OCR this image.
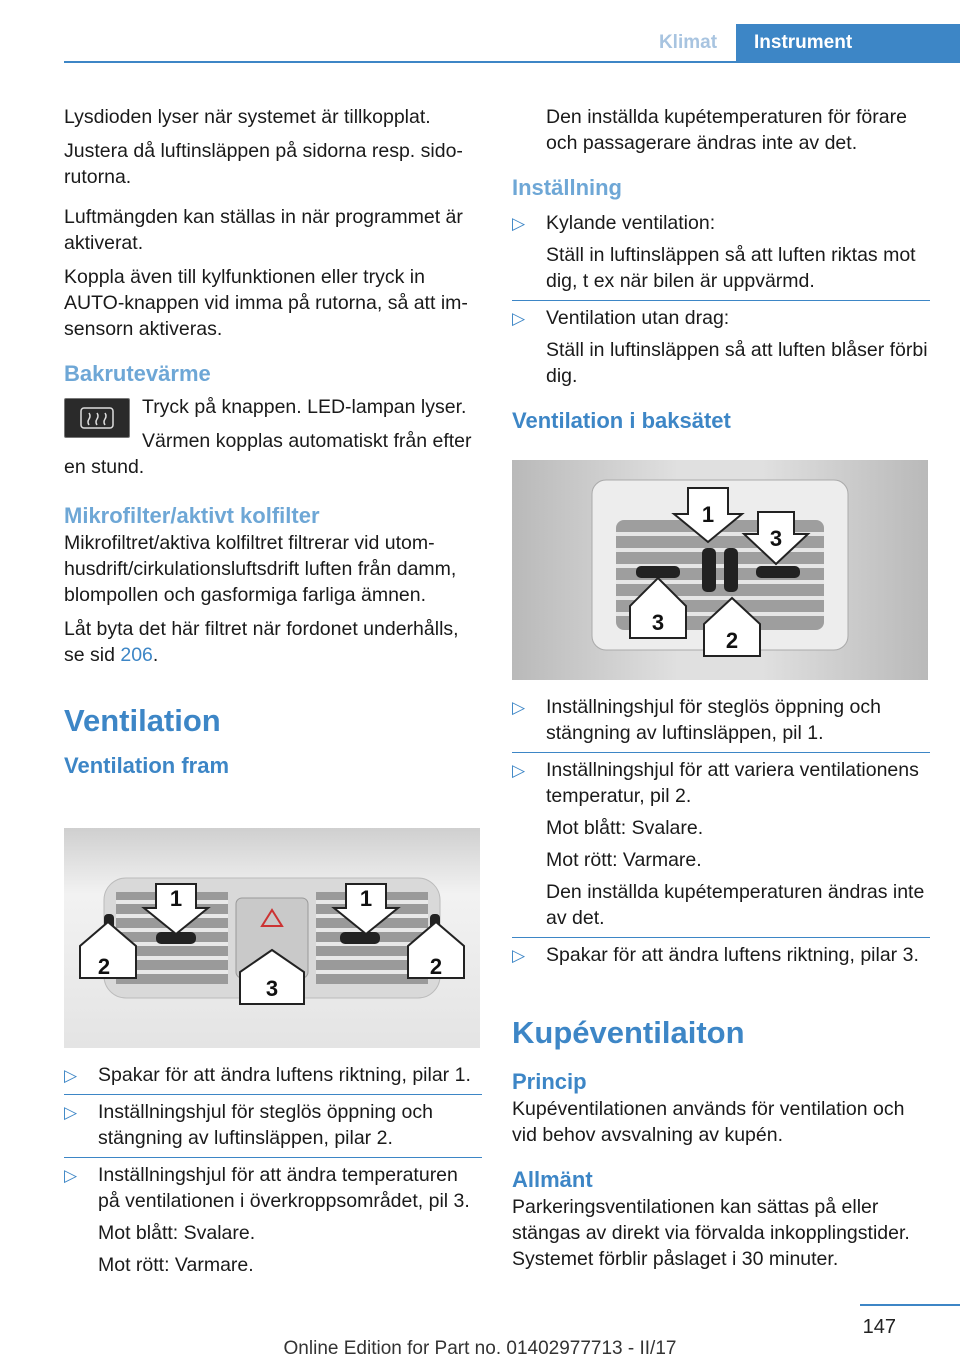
Klimat	Instrument

Lysdioden lyser när systemet är tillkopplat.

Justera då luftinsläppen på sidorna resp. sidorutorna.

Luftmängden kan ställas in när programmet är aktiverat.

Koppla även till kylfunktionen eller tryck in AUTO-knappen vid imma på rutorna, så att imsensorn aktiveras.

Bakrutevärme

Tryck på knappen. LED-lampan lyser.

Värmen kopplas automatiskt från efter en stund.

Mikrofilter/aktivt kolfilter

Mikrofiltret/aktiva kolfiltret filtrerar vid utomhusdrift/cirkulationsluftsdrift luften från damm, blompollen och gasformiga farliga ämnen.

Låt byta det här filtret när fordonet underhålls, se sid 206.

Ventilation
Ventilation fram
1	1
2
3
2
▷ Spakar för att ändra luftens riktning, pilar 1.
▷ Inställningshjul för steglös öppning och stängning av luftinsläppen, pilar 2.
▷ Inställningshjul för att ändra temperaturen på ventilationen i överkroppsområdet, pil 3.
Mot blått: Svalare.
Mot rött: Varmare.

Den inställda kupétemperaturen för förare och passagerare ändras inte av det.

Inställning
▷ Kylande ventilation:
Ställ in luftinsläppen så att luften riktas mot dig, t ex när bilen är uppvärmd.
▷ Ventilation utan drag:
Ställ in luftinsläppen så att luften blåser förbi dig.
Ventilation i baksätet
1
3
3
2
▷ Inställningshjul för steglös öppning och stängning av luftinsläppen, pil 1.
▷ Inställningshjul för att variera ventilationens temperatur, pil 2.
Mot blått: Svalare.
Mot rött: Varmare.
Den inställda kupétemperaturen ändras inte av det.
▷ Spakar för att ändra luftens riktning, pilar 3.
Kupéventilaiton
Princip

Kupéventilationen används för ventilation och vid behov avsvalning av kupén.

Allmänt

Parkeringsventilationen kan sättas på eller stängas av direkt via förvalda inkopplingstider. Systemet förblir påslaget i 30 minuter.

147
Online Edition for Part no. 01402977713 - II/17
